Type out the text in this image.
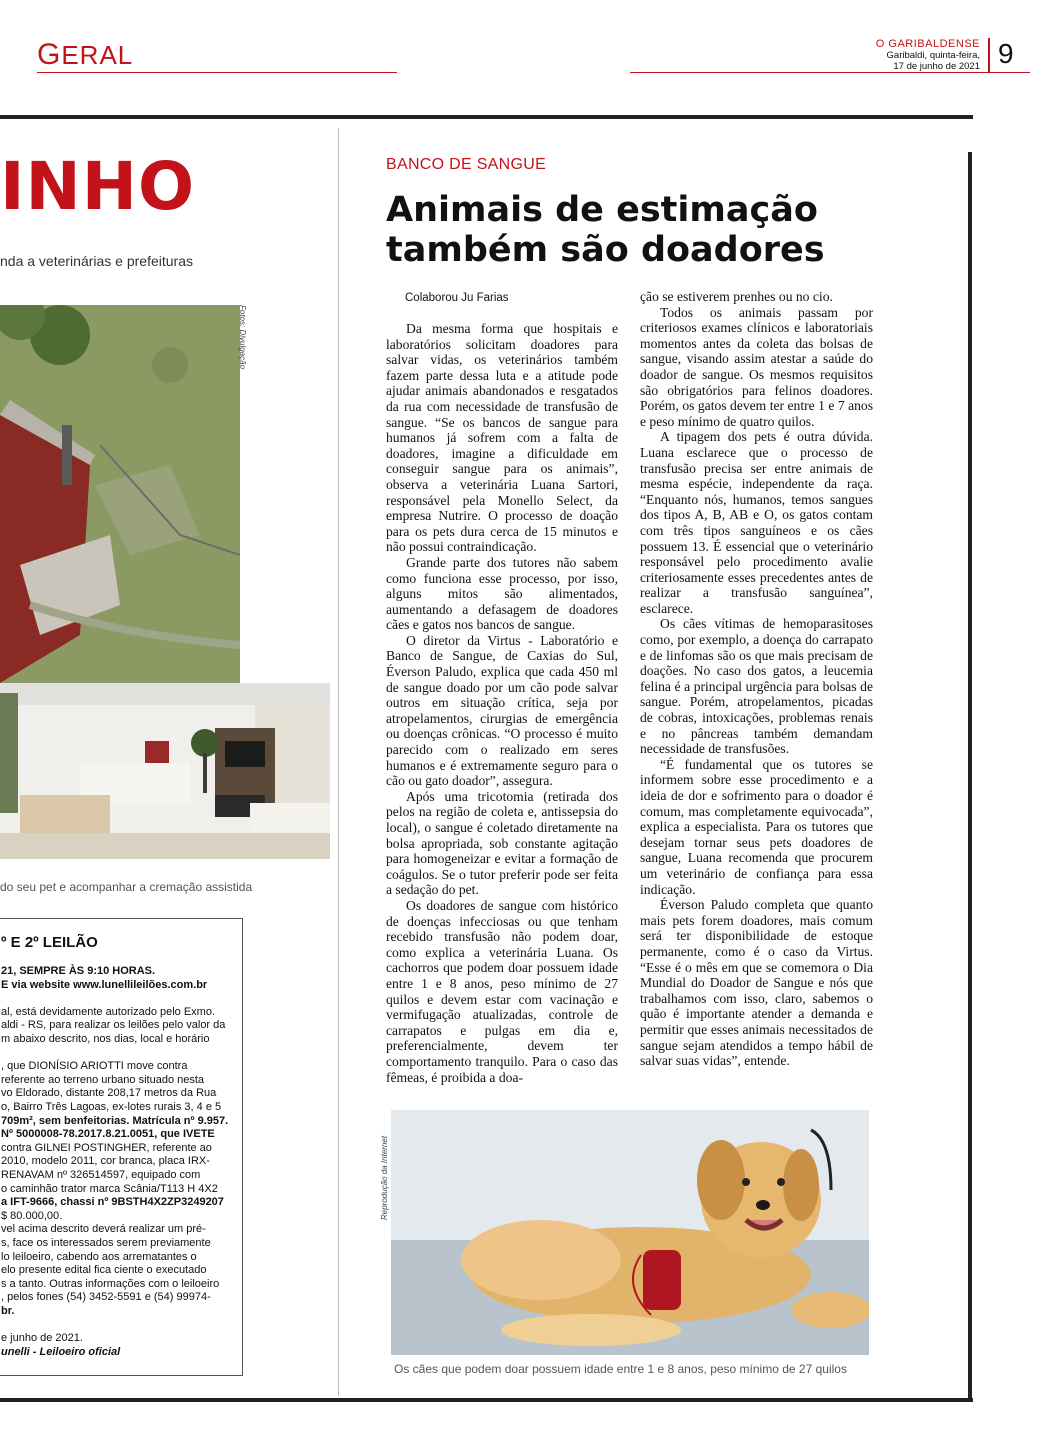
GERAL	O GARIBALDENSE
Garibaldi, quinta-feira,
17 de junho de 2021 9
INHO
nda a veterinárias e prefeituras
Fotos: Divulgação
do seu pet e acompanhar a cremação assistida
º E 2º LEILÃO
21, SEMPRE ÀS 9:10 HORAS.
E via website www.lunellileilões.com.br
al, está devidamente autorizado pelo Exmo.
aldi - RS, para realizar os leilões pelo valor da
m abaixo descrito, nos dias, local e horário
, que DIONÍSIO ARIOTTI move contra
referente ao terreno urbano situado nesta
vo Eldorado, distante 208,17 metros da Rua
o, Bairro Três Lagoas, ex-lotes rurais 3, 4 e 5
709m², sem benfeitorias. Matrícula nº 9.957.
Nº 5000008-78.2017.8.21.0051, que IVETE
contra GILNEI POSTINGHER, referente ao
2010, modelo 2011, cor branca, placa IRX-
RENAVAM nº 326514597, equipado com
o caminhão trator marca Scânia/T113 H 4X2
a IFT-9666, chassi nº 9BSTH4X2ZP3249207
$ 80.000,00.
vel acima descrito deverá realizar um pré-
s, face os interessados serem previamente
lo leiloeiro, cabendo aos arrematantes o
elo presente edital fica ciente o executado
s a tanto. Outras informações com o leiloeiro
, pelos fones (54) 3452-5591 e (54) 99974-
br.
e junho de 2021.
unelli - Leiloeiro oficial
BANCO DE SANGUE
Animais de estimação
também são doadores
Colaborou Ju Farias

Da mesma forma que hospitais e laboratórios solicitam doadores para salvar vidas, os veterinários também fazem parte dessa luta e a atitude pode ajudar animais abandonados e resgatados da rua com necessidade de transfusão de sangue. “Se os bancos de sangue para humanos já sofrem com a falta de doadores, imagine a dificuldade em conseguir sangue para os animais”, observa a veterinária Luana Sartori, responsável pela Monello Select, da empresa Nutrire. O processo de doação para os pets dura cerca de 15 minutos e não possui contraindicação.

Grande parte dos tutores não sabem como funciona esse processo, por isso, alguns mitos são alimentados, aumentando a defasagem de doadores cães e gatos nos bancos de sangue.

O diretor da Virtus - Laboratório e Banco de Sangue, de Caxias do Sul, Éverson Paludo, explica que cada 450 ml de sangue doado por um cão pode salvar outros em situação crítica, seja por atropelamentos, cirurgias de emergência ou doenças crônicas. “O processo é muito parecido com o realizado em seres humanos e é extremamente seguro para o cão ou gato doador”, assegura.

Após uma tricotomia (retirada dos pelos na região de coleta e, antissepsia do local), o sangue é coletado diretamente na bolsa apropriada, sob constante agitação para homogeneizar e evitar a formação de coágulos. Se o tutor preferir pode ser feita a sedação do pet.

Os doadores de sangue com histórico de doenças infecciosas ou que tenham recebido transfusão não podem doar, como explica a veterinária Luana. Os cachorros que podem doar possuem idade entre 1 e 8 anos, peso mínimo de 27 quilos e devem estar com vacinação e vermifugação atualizadas, controle de carrapatos e pulgas em dia e, preferencialmente, devem ter comportamento tranquilo. Para o caso das fêmeas, é proibida a doa-

ção se estiverem prenhes ou no cio.

Todos os animais passam por criteriosos exames clínicos e laboratoriais momentos antes da coleta das bolsas de sangue, visando assim atestar a saúde do doador de sangue. Os mesmos requisitos são obrigatórios para felinos doadores. Porém, os gatos devem ter entre 1 e 7 anos e peso mínimo de quatro quilos.

A tipagem dos pets é outra dúvida. Luana esclarece que o processo de transfusão precisa ser entre animais de mesma espécie, independente da raça. “Enquanto nós, humanos, temos sangues dos tipos A, B, AB e O, os gatos contam com três tipos sanguíneos e os cães possuem 13. É essencial que o veterinário responsável pelo procedimento avalie criteriosamente esses precedentes antes de realizar a transfusão sanguínea”, esclarece.

Os cães vítimas de hemoparasitoses como, por exemplo, a doença do carrapato e de linfomas são os que mais precisam de doações. No caso dos gatos, a leucemia felina é a principal urgência para bolsas de sangue. Porém, atropelamentos, picadas de cobras, intoxicações, problemas renais e no pâncreas também demandam necessidade de transfusões.

“É fundamental que os tutores se informem sobre esse procedimento e a ideia de dor e sofrimento para o doador é comum, mas completamente equivocada”, explica a especialista. Para os tutores que desejam tornar seus pets doadores de sangue, Luana recomenda que procurem um veterinário de confiança para essa indicação.

Éverson Paludo completa que quanto mais pets forem doadores, mais comum será ter disponibilidade de estoque permanente, como é o caso da Virtus. “Esse é o mês em que se comemora o Dia Mundial do Doador de Sangue e nós que trabalhamos com isso, claro, sabemos o quão é importante atender a demanda e permitir que esses animais necessitados de sangue sejam atendidos a tempo hábil de salvar suas vidas”, entende.

Reprodução da Internet
Os cães que podem doar possuem idade entre 1 e 8 anos, peso mínimo de 27 quilos
